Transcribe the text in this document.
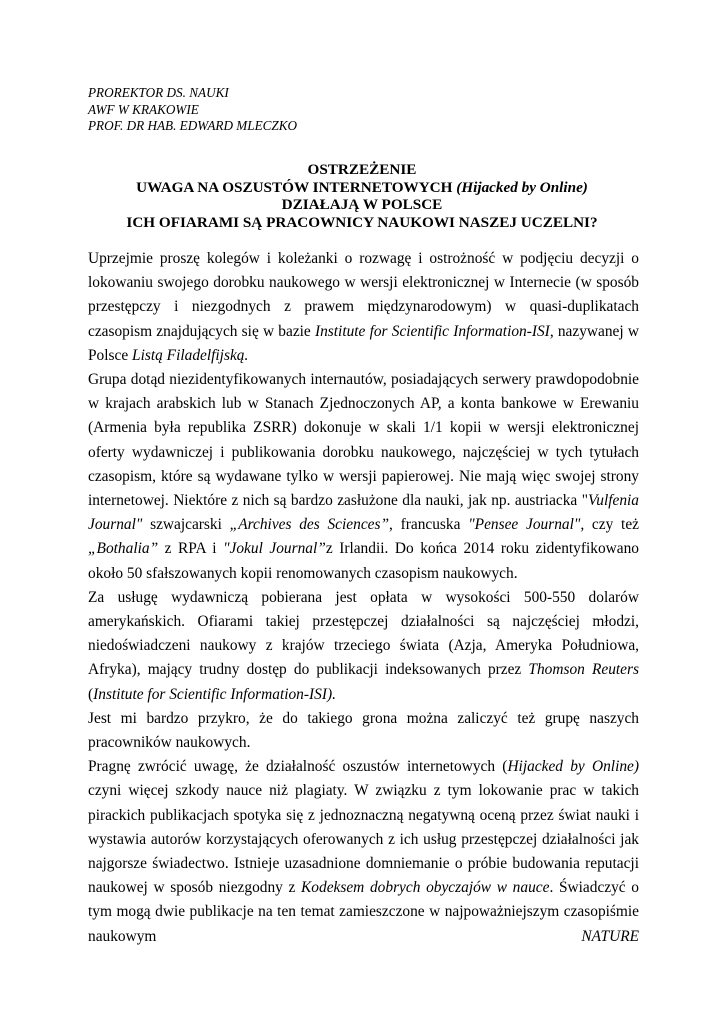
PROREKTOR DS. NAUKI
AWF W KRAKOWIE
PROF. DR HAB. EDWARD MLECZKO
OSTRZEŻENIE
UWAGA NA OSZUSTÓW INTERNETOWYCH (Hijacked by Online)
DZIAŁAJĄ W POLSCE
ICH OFIARAMI SĄ PRACOWNICY NAUKOWI NASZEJ UCZELNI?

Uprzejmie proszę kolegów i koleżanki o rozwagę i ostrożność w podjęciu decyzji o lokowaniu swojego dorobku naukowego w wersji elektronicznej w Internecie (w sposób przestępczy i niezgodnych z prawem międzynarodowym) w quasi-duplikatach czasopism znajdujących się w bazie Institute for Scientific Information-ISI, nazywanej w Polsce Listą Filadelfijską.

Grupa dotąd niezidentyfikowanych internautów, posiadających serwery prawdopodobnie w krajach arabskich lub w Stanach Zjednoczonych AP, a konta bankowe w Erewaniu (Armenia była republika ZSRR) dokonuje w skali 1/1 kopii w wersji elektronicznej oferty wydawniczej i publikowania dorobku naukowego, najczęściej w tych tytułach czasopism, które są wydawane tylko w wersji papierowej. Nie mają więc swojej strony internetowej. Niektóre z nich są bardzo zasłużone dla nauki, jak np. austriacka "Vulfenia Journal" szwajcarski „Archives des Sciences”, francuska "Pensee Journal", czy też „Bothalia” z RPA i "Jokul Journal”z Irlandii. Do końca 2014 roku zidentyfikowano około 50 sfałszowanych kopii renomowanych czasopism naukowych.

Za usługę wydawniczą pobierana jest opłata w wysokości 500-550 dolarów amerykańskich. Ofiarami takiej przestępczej działalności są najczęściej młodzi, niedoświadczeni naukowy z krajów trzeciego świata (Azja, Ameryka Południowa, Afryka), mający trudny dostęp do publikacji indeksowanych przez Thomson Reuters (Institute for Scientific Information-ISI).

Jest mi bardzo przykro, że do takiego grona można zaliczyć też grupę naszych pracowników naukowych.

Pragnę zwrócić uwagę, że działalność oszustów internetowych (Hijacked by Online) czyni więcej szkody nauce niż plagiaty. W związku z tym lokowanie prac w takich pirackich publikacjach spotyka się z jednoznaczną negatywną oceną przez świat nauki i wystawia autorów korzystających oferowanych z ich usług przestępczej działalności jak najgorsze świadectwo. Istnieje uzasadnione domniemanie o próbie budowania reputacji naukowej w sposób niezgodny z Kodeksem dobrych obyczajów w nauce. Świadczyć o tym mogą dwie publikacje na ten temat zamieszczone w najpoważniejszym czasopiśmie naukowym NATURE
